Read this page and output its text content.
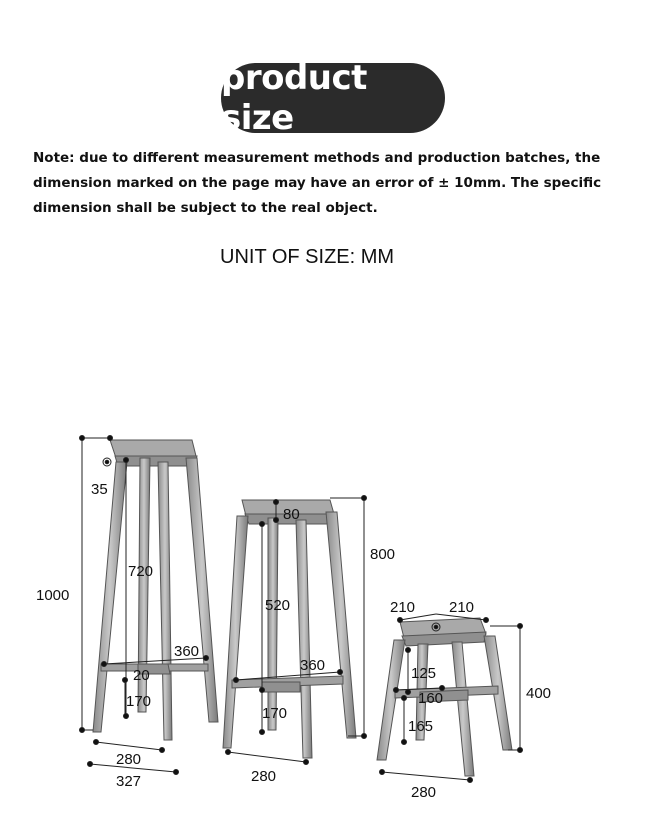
product size
Note: due to different measurement methods and production batches, the dimension marked on the page may have an error of ± 10mm. The specific dimension shall be subject to the real object.
UNIT OF SIZE: MM
1000
720
35
360
20
170
280
327
800
80
520
360
170
280
210 210
400
125
160
165
280
